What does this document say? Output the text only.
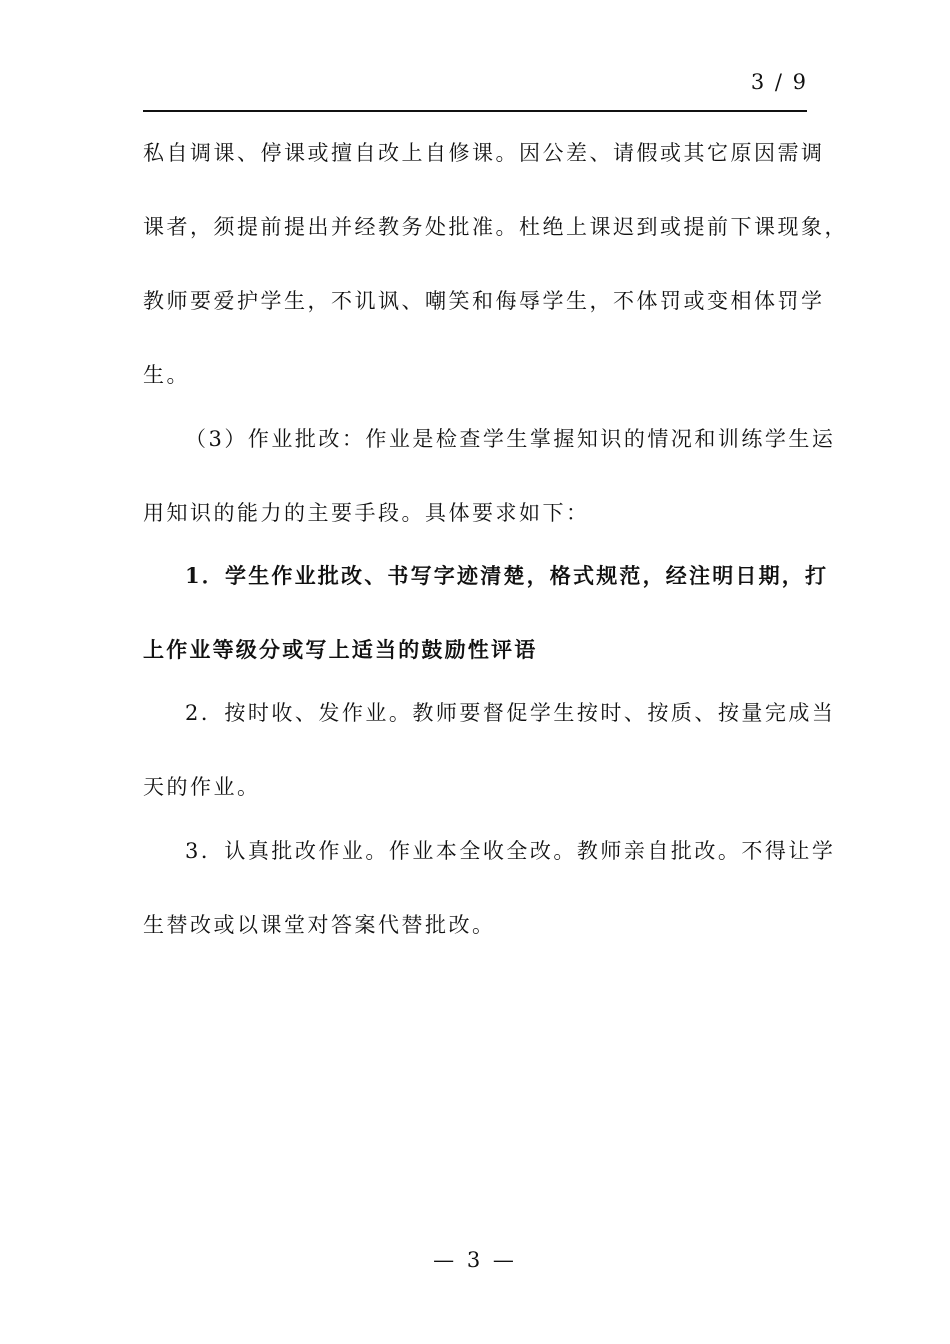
3 / 9
私自调课、停课或擅自改上自修课。因公差、请假或其它原因需调
课者，须提前提出并经教务处批准。杜绝上课迟到或提前下课现象，
教师要爱护学生，不讥讽、嘲笑和侮辱学生，不体罚或变相体罚学
生。
（3）作业批改：作业是检查学生掌握知识的情况和训练学生运
用知识的能力的主要手段。具体要求如下：
1．学生作业批改、书写字迹清楚，格式规范，经注明日期，打
上作业等级分或写上适当的鼓励性评语
2．按时收、发作业。教师要督促学生按时、按质、按量完成当
天的作业。
3．认真批改作业。作业本全收全改。教师亲自批改。不得让学
生替改或以课堂对答案代替批改。
— 3 —
